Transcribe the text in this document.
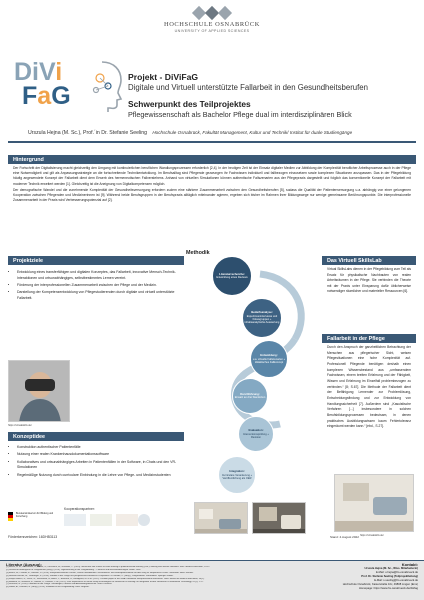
HOCHSCHULE OSNABRÜCK
UNIVERSITY OF APPLIED SCIENCES
DiVi
FaG
Projekt - DiViFaG
Digitale und Virtuell unterstützte Fallarbeit in den Gesundheitsberufen
Schwerpunkt des Teilprojektes
Pflegewissenschaft als Bachelor Pflege dual im interdisziplinären Blick
Urszula Hejna (M. Sc.), Prof.´in Dr. Stefanie Seeling Hochschule Osnabrück, Fakultät Management, Kultur und Technik/ Institut für duale Studiengänge
Hintergrund

Der Fortschritt der Digitalisierung macht gleichzeitig den Umgang mit kontinuierlichen beruflichen Wandlungsprozessen erforderlich [2,4]. In der heutigen Zeit ist der Einsatz digitaler Medien zur Abbildung der Komplexität beruflicher Arbeitsprozesse auch in der Pflege eine Notwendigkeit und gilt als Anpassungsstrategie an die fortschreitende Technikentwicklung. Im Berufsalltag sind Pflegende gezwungen ihr Fachwissen individuell und fallbezogen einzusetzen sowie komplexen Situationen anzupassen. Das in der Pflegebildung häufig angewendete Konzept der Fallarbeit dient dem Erwerb des hermeneutischen Fallverstehens. Anhand von virtuellen Simulationen können authentische Fallszenarien aus der Pflegepraxis dargestellt und folglich das konventionelle Konzept der Fallarbeit mit moderner Technik erweitert werden [1]. Gleichzeitig ist die Aneignung von Digitalkompetenzen möglich.

Der demografische Wandel und die zunehmende Komplexität der Gesundheitsversorgung erfordern zudem eine stärkere Zusammenarbeit zwischen den Gesundheitsberufen [5], sodass die Qualität der Patientenversorgung u.a. abhängig von einer gelungenen Kooperation zwischen Pflegenden und Medizinerinnen ist [9]. Während beide Berufsgruppen in der Berufspraxis alltäglich miteinander agieren, ergeben sich bisher im Rahmen ihrer Bildungswege nur wenige gemeinsame Berührungspunkte. Die interprofessionelle Zusammenarbeit in der Praxis wird Verbesserungspotenzial auf [2].

Projektziele
• Entwicklung eines transferfähigen und digitalen Konzeptes, das Fallarbeit, innovative Mensch-Technik-Interaktionen und ortsunabhängiges, selbstbestimmtes Lernen vereint.
• Förderung der interprofessionellen Zusammenarbeit zwischen der Pflege und der Medizin.
• Darstellung der Kompetenzentwicklung von Pflegestudierenden durch digitale und virtuell unterstützte Fallarbeit.
https://virtualskills.de/
Konzeptidee
• Konstruktion authentischer Patientenfälle
• Nutzung einer realen Krankenhausdokumentationssoftware
• Kollaboratives und ortsunabhängiges Arbeiten in Patientenfällen in der Software, in Chats und den VR-Simulationen
• Regelmäßige Nutzung durch curriculare Einbindung in die Lehre von Pflege- und Medizinstudenten
Methodik
Literaturrecherche:
Entwicklung eines Reviews
Bedarfsanalyse:
Expertinneninterviews und Fokusgruppen + inhaltsanalytische Auswertung
Entwicklung:
u.a. virtuelle Fallszenarien + didaktisches Fallkonzept
Durchführung:
Einsatz an drei Standorten
Evaluation:
Interventionsprüfung + Revision
Integration:
Curriculare Verankerung + Veröffentlichung als OER
Das Virtuell SkillsLab
Virtual SkillsLabs dienen in der Pflegebildung zum Teil als Ersatz für physikalische Nachbauten von realen Arbeitsräumen in der Pflege. Sie verbinden die Theorie mit der Praxis unter Einsparung dafür üblicherweise notwendiger räumlicher und materieller Ressourcen [6].
Fallarbeit in der Pflege
Durch den Anspruch der ganzheitlichen Betrachtung der Menschen aus pflegerischer Sicht, weisen Pflegesituationen eine hohe Komplexität auf. Professionell Pflegende benötigen deshalb einen komplexen Wissensbestand aus „umfassendem Fachwissen, einem breiten Erfahrung und der Fähigkeit, Wissen und Erfahrung im Einzelfall problembezogen zu verbinden.“ [8; S.67]. Die Methode der Fallarbeit dient der Befähigung Lernender zur Problemlösung, Entscheidungsfindung und zur Entwicklung von Handlungssicherheit [7]. Außerdem sind „Kasuistische Verfahren [...] insbesondere in solchen Berufsbildungsprozessen bedeutsam, in denen praktisches Ausbildungswissen kaum Fehlertoleranz eingeräumt werden kann.“ [ebd., S.27].
https://virtualskills.de/
Bundesministerium für Bildung und Forschung
Kooperationspartner:
Förderkennzeichen: 16DHB3113	Stand: 4.August 2022
Literatur (Auszug):
[1] Bosse, H. M., Huwendiek, S., Skelin, S., Kirschfink, M., Nikendei, C. (2020). Interactive film scenes for tutor training in problem-based learning (PBL): dealing with difficult situations. BMC Medical Education, 10:52.
[2] Deutscher Bildungsrat für Pflegeberufe (Hrsg.) (2019). Digitalisierung in der Pflegebildung – Chancen und Herausforderungen. Berlin: DBR.
[3] Ewers, M., Paradis, E., Herinek, D. (2019). Interprofessionelles Lernen, Lehren und Arbeiten. Gesundheits- und Sozialprofessionen auf dem Weg zu kooperativer Praxis. Weinheim: Beltz Juventa.
[4] Hülsken-Giesler, M., Daxberger, S. (2018). Robotik in der Pflege aus pflegewissenschaftlicher Perspektive. In: Bendel, O. (Hrsg.), Pflegeroboter. Wiesbaden: Springer Gabler.
[5] Kaap-Fröhlich, S., Ulrich, G., Wershofen, B., Ahles, J., Behrend, R., Handgraaf, M. et al. (2022). Position paper of the GMA Committee Interprofessional Education. GMS Journal for Medical Education, 39(2).
[6] Mäkinen, H., Haavisto, E., Havola, S., Koivisto, J.-M. (2022). User experiences of virtual reality technologies for healthcare in learning: an integrative review. Behaviour & Information Technology, 41(1), 1-17.
[7] Schrems, B. (2016). Fallarbeit in der Pflege. Grundlagen, Formen und Anwendungsbereiche. Wien: Facultas.
[8] Walter, A., Dütthorn, N. (Hrsg.) (2019). Fallarbeit in der Pflegebildung. Bern: Hogrefe.
Kontakt:
Urszula Hejna (M. Sc., Wiss. Mitarbeiterin)
E-Mail: u.hejna@hs-osnabrueck.de
Prof. Dr. Stefanie Seeling (Teilprojektleitung)
E-Mail: s.seeling@hs-osnabrueck.de
Hochschule Osnabrück, Kaiserstraße 10c, 49808 Lingen (Ems)
Homepage: https://www.hs-osnabrueck.de/divifag
